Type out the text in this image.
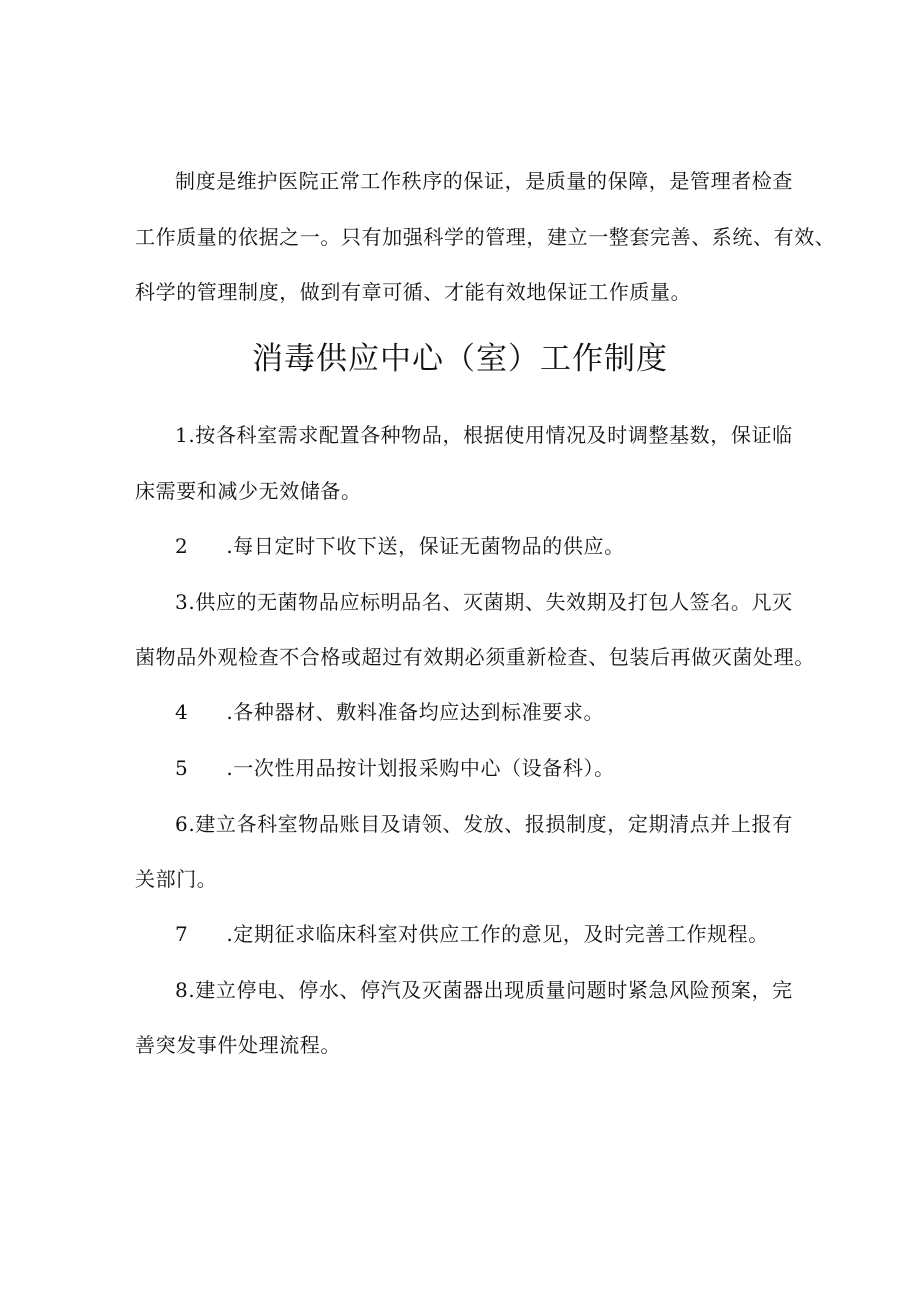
制度是维护医院正常工作秩序的保证，是质量的保障，是管理者检查
工作质量的依据之一。只有加强科学的管理，建立一整套完善、系统、有效、
科学的管理制度，做到有章可循、才能有效地保证工作质量。
消毒供应中心（室）工作制度
1.按各科室需求配置各种物品，根据使用情况及时调整基数，保证临
床需要和减少无效储备。
2 .每日定时下收下送，保证无菌物品的供应。
3.供应的无菌物品应标明品名、灭菌期、失效期及打包人签名。凡灭
菌物品外观检查不合格或超过有效期必须重新检查、包装后再做灭菌处理。
4 .各种器材、敷料准备均应达到标准要求。
5 .一次性用品按计划报采购中心（设备科）。
6.建立各科室物品账目及请领、发放、报损制度，定期清点并上报有
关部门。
7 .定期征求临床科室对供应工作的意见，及时完善工作规程。
8.建立停电、停水、停汽及灭菌器出现质量问题时紧急风险预案，完
善突发事件处理流程。
